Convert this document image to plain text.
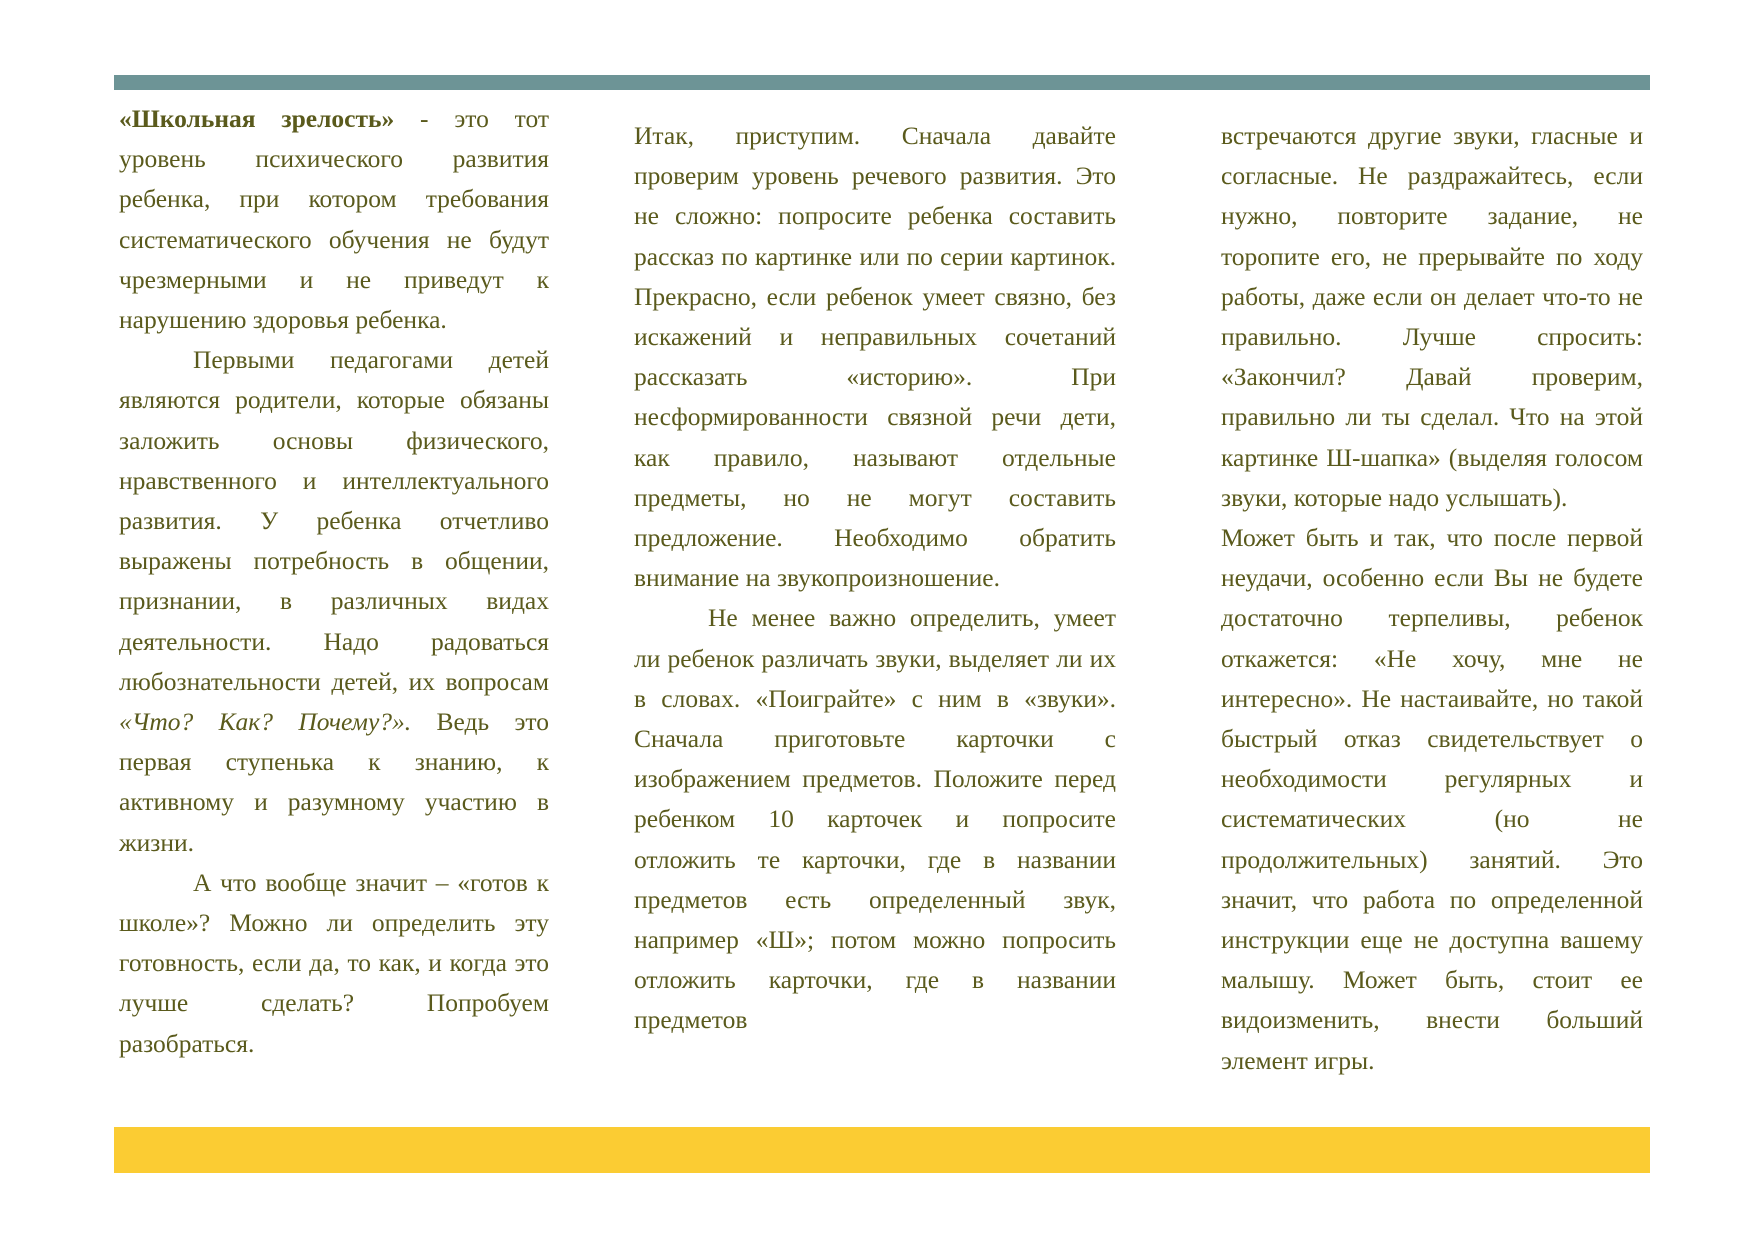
«Школьная зрелость» - это тот уровень психического развития ребенка, при котором требования систематического обучения не будут чрезмерными и не приведут к нарушению здоровья ребенка.

Первыми педагогами детей являются родители, которые обязаны заложить основы физического, нравственного и интеллектуального развития. У ребенка отчетливо выражены потребность в общении, признании, в различных видах деятельности. Надо радоваться любознательности детей, их вопросам «Что? Как? Почему?». Ведь это первая ступенька к знанию, к активному и разумному участию в жизни.

А что вообще значит – «готов к школе»? Можно ли определить эту готовность, если да, то как, и когда это лучше сделать? Попробуем разобраться.

Итак, приступим. Сначала давайте проверим уровень речевого развития. Это не сложно: попросите ребенка составить рассказ по картинке или по серии картинок. Прекрасно, если ребенок умеет связно, без искажений и неправильных сочетаний рассказать «историю». При несформированности связной речи дети, как правило, называют отдельные предметы, но не могут составить предложение. Необходимо обратить внимание на звукопроизношение.

Не менее важно определить, умеет ли ребенок различать звуки, выделяет ли их в словах. «Поиграйте» с ним в «звуки». Сначала приготовьте карточки с изображением предметов. Положите перед ребенком 10 карточек и попросите отложить те карточки, где в названии предметов есть определенный звук, например «Ш»; потом можно попросить отложить карточки, где в названии предметов

встречаются другие звуки, гласные и согласные. Не раздражайтесь, если нужно, повторите задание, не торопите его, не прерывайте по ходу работы, даже если он делает что-то не правильно. Лучше спросить: «Закончил? Давай проверим, правильно ли ты сделал. Что на этой картинке Ш-шапка» (выделяя голосом звуки, которые надо услышать).

Может быть и так, что после первой неудачи, особенно если Вы не будете достаточно терпеливы, ребенок откажется: «Не хочу, мне не интересно». Не настаивайте, но такой быстрый отказ свидетельствует о необходимости регулярных и систематических (но не продолжительных) занятий. Это значит, что работа по определенной инструкции еще не доступна вашему малышу. Может быть, стоит ее видоизменить, внести больший элемент игры.
